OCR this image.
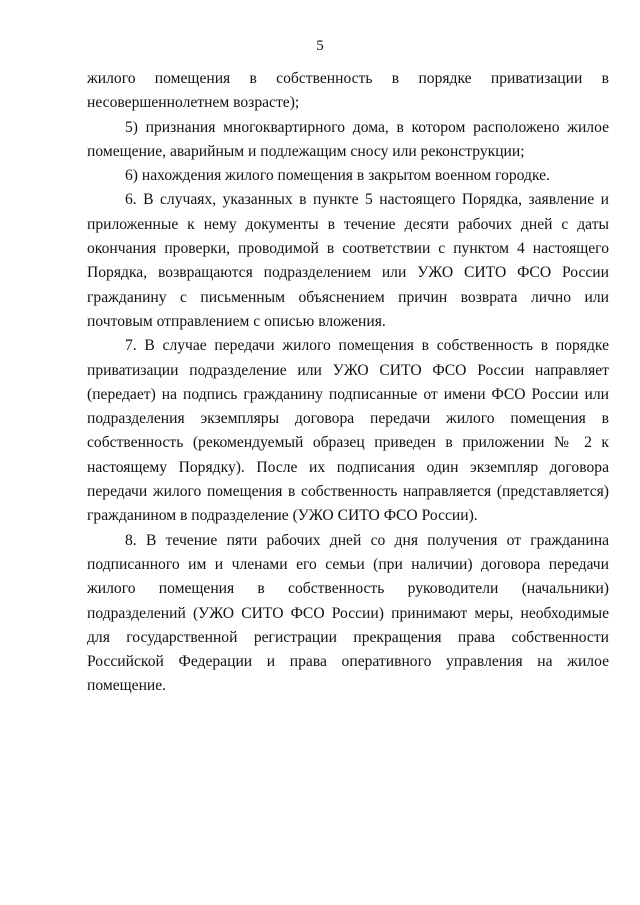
5

жилого помещения в собственность в порядке приватизации в несовершеннолетнем возрасте);

5) признания многоквартирного дома, в котором расположено жилое помещение, аварийным и подлежащим сносу или реконструкции;

6) нахождения жилого помещения в закрытом военном городке.

6. В случаях, указанных в пункте 5 настоящего Порядка, заявление и приложенные к нему документы в течение десяти рабочих дней с даты окончания проверки, проводимой в соответствии с пунктом 4 настоящего Порядка, возвращаются подразделением или УЖО СИТО ФСО России гражданину с письменным объяснением причин возврата лично или почтовым отправлением с описью вложения.

7. В случае передачи жилого помещения в собственность в порядке приватизации подразделение или УЖО СИТО ФСО России направляет (передает) на подпись гражданину подписанные от имени ФСО России или подразделения экземпляры договора передачи жилого помещения в собственность (рекомендуемый образец приведен в приложении № 2 к настоящему Порядку). После их подписания один экземпляр договора передачи жилого помещения в собственность направляется (представляется) гражданином в подразделение (УЖО СИТО ФСО России).

8. В течение пяти рабочих дней со дня получения от гражданина подписанного им и членами его семьи (при наличии) договора передачи жилого помещения в собственность руководители (начальники) подразделений (УЖО СИТО ФСО России) принимают меры, необходимые для государственной регистрации прекращения права собственности Российской Федерации и права оперативного управления на жилое помещение.
